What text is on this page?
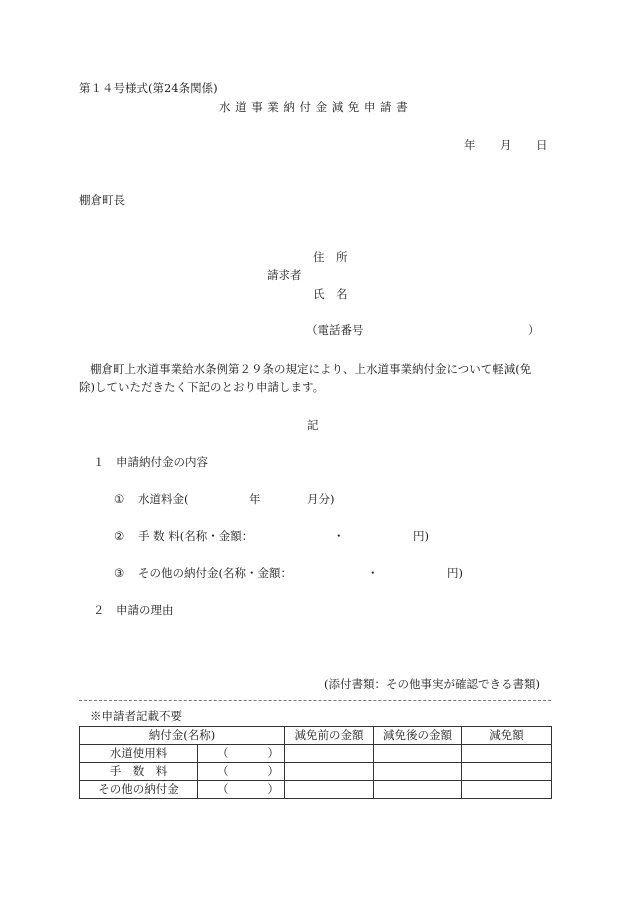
第１４号様式(第24条関係)
水道事業納付金減免申請書
年 月 日
棚倉町長
住　所
請求者
氏　名
（電話番号	）
棚倉町上水道事業給水条例第２９条の規定により、上水道事業納付金について軽減(免
除)していただきたく下記のとおり申請します。
記
１ 申請納付金の内容
① 水道料金(	年	月分)
② 手 数 料(名称・金額：	・	円)
③ その他の納付金(名称・金額：	・	円)
２ 申請の理由
(添付書類：その他事実が確認できる書類)
※申請者記載不要
納付金(名称)		減免前の金額	減免後の金額	減免額
水道使用料	（ ）			
手　数　料	（ ）			
その他の納付金	（ ）			
